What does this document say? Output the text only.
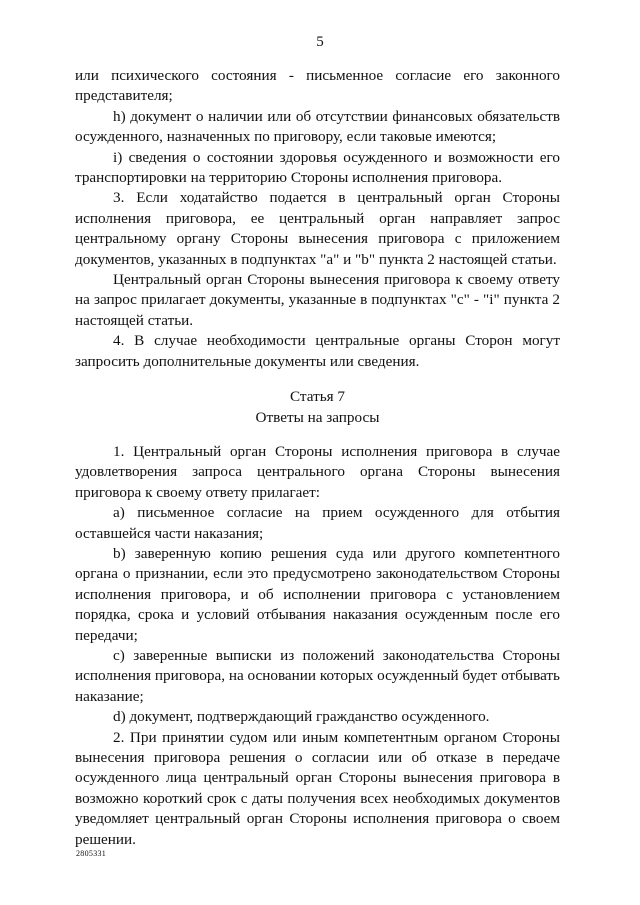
5

или психического состояния - письменное согласие его законного представителя;

h) документ о наличии или об отсутствии финансовых обязательств осужденного, назначенных по приговору, если таковые имеются;

i) сведения о состоянии здоровья осужденного и возможности его транспортировки на территорию Стороны исполнения приговора.

3. Если ходатайство подается в центральный орган Стороны исполнения приговора, ее центральный орган направляет запрос центральному органу Стороны вынесения приговора с приложением документов, указанных в подпунктах "а" и "b" пункта 2 настоящей статьи.

Центральный орган Стороны вынесения приговора к своему ответу на запрос прилагает документы, указанные в подпунктах "с" - "i" пункта 2 настоящей статьи.

4. В случае необходимости центральные органы Сторон могут запросить дополнительные документы или сведения.

Статья 7

Ответы на запросы

1. Центральный орган Стороны исполнения приговора в случае удовлетворения запроса центрального органа Стороны вынесения приговора к своему ответу прилагает:

a) письменное согласие на прием осужденного для отбытия оставшейся части наказания;

b) заверенную копию решения суда или другого компетентного органа о признании, если это предусмотрено законодательством Стороны исполнения приговора, и об исполнении приговора с установлением порядка, срока и условий отбывания наказания осужденным после его передачи;

c) заверенные выписки из положений законодательства Стороны исполнения приговора, на основании которых осужденный будет отбывать наказание;

d) документ, подтверждающий гражданство осужденного.

2. При принятии судом или иным компетентным органом Стороны вынесения приговора решения о согласии или об отказе в передаче осужденного лица центральный орган Стороны вынесения приговора в возможно короткий срок с даты получения всех необходимых документов уведомляет центральный орган Стороны исполнения приговора о своем решении.

2805331
